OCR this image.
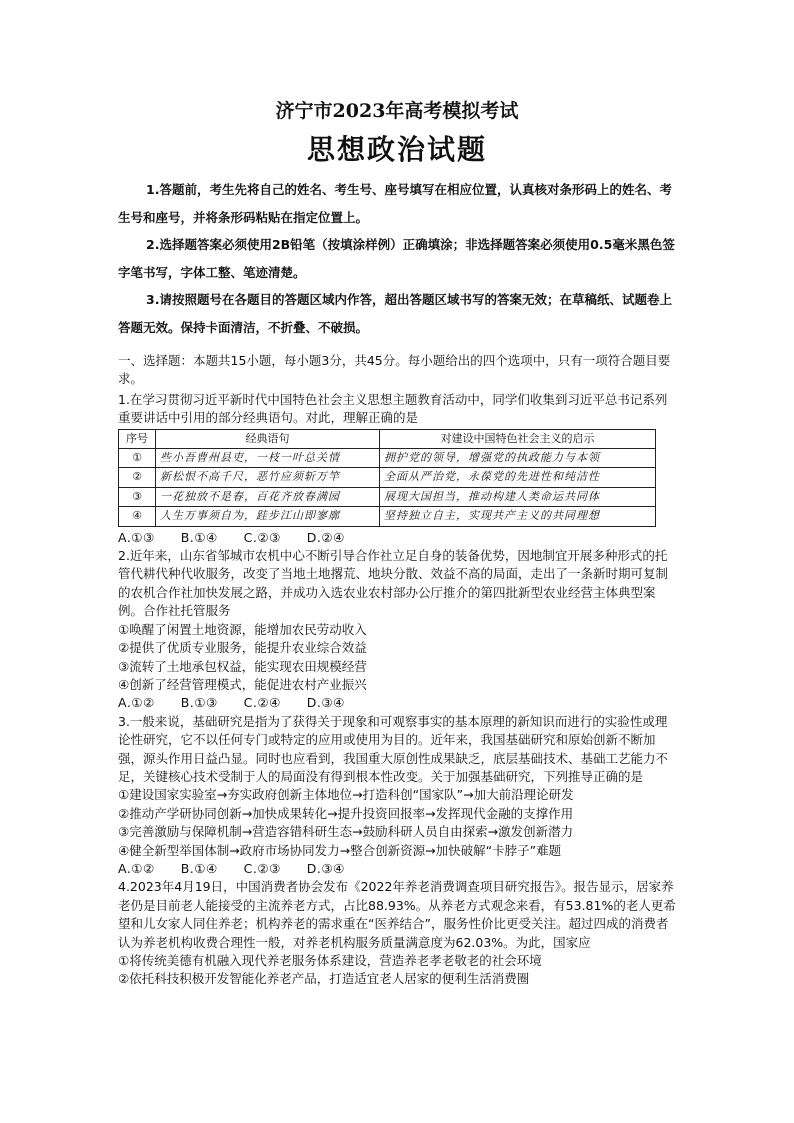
济宁市2023年高考模拟考试
思想政治试题

1.答题前，考生先将自己的姓名、考生号、座号填写在相应位置，认真核对条形码上的姓名、考生号和座号，并将条形码粘贴在指定位置上。

2.选择题答案必须使用2B铅笔（按填涂样例）正确填涂；非选择题答案必须使用0.5毫米黑色签字笔书写，字体工整、笔迹清楚。

3.请按照题号在各题目的答题区域内作答，超出答题区域书写的答案无效；在草稿纸、试题卷上答题无效。保持卡面清洁，不折叠、不破损。

一、选择题：本题共15小题，每小题3分，共45分。每小题给出的四个选项中，只有一项符合题目要求。

1.在学习贯彻习近平新时代中国特色社会主义思想主题教育活动中，同学们收集到习近平总书记系列重要讲话中引用的部分经典语句。对此，理解正确的是

序号	经典语句	对建设中国特色社会主义的启示
①	些小吾曹州县吏，一枝一叶总关情	拥护党的领导，增强党的执政能力与本领
②	新松恨不高千尺，恶竹应须斩万竿	全面从严治党，永葆党的先进性和纯洁性
③	一花独放不是春，百花齐放春满园	展现大国担当，推动构建人类命运共同体
④	人生万事须自为，跬步江山即寥廓	坚持独立自主，实现共产主义的共同理想

A.①③　　B.①④　　C.②③　　D.②④

2.近年来，山东省邹城市农机中心不断引导合作社立足自身的装备优势，因地制宜开展多种形式的托管代耕代种代收服务，改变了当地土地撂荒、地块分散、效益不高的局面，走出了一条新时期可复制的农机合作社加快发展之路，并成功入选农业农村部办公厅推介的第四批新型农业经营主体典型案例。合作社托管服务

①唤醒了闲置土地资源，能增加农民劳动收入

②提供了优质专业服务，能提升农业综合效益

③流转了土地承包权益，能实现农田规模经营

④创新了经营管理模式，能促进农村产业振兴

A.①②　　B.①③　　C.②④　　D.③④

3.一般来说，基础研究是指为了获得关于现象和可观察事实的基本原理的新知识而进行的实验性或理论性研究，它不以任何专门或特定的应用或使用为目的。近年来，我国基础研究和原始创新不断加强，源头作用日益凸显。同时也应看到，我国重大原创性成果缺乏，底层基础技术、基础工艺能力不足，关键核心技术受制于人的局面没有得到根本性改变。关于加强基础研究，下列推导正确的是

①建设国家实验室→夯实政府创新主体地位→打造科创“国家队”→加大前沿理论研发

②推动产学研协同创新→加快成果转化→提升投资回报率→发挥现代金融的支撑作用

③完善激励与保障机制→营造容错科研生态→鼓励科研人员自由探索→激发创新潜力

④健全新型举国体制→政府市场协同发力→整合创新资源→加快破解“卡脖子”难题

A.①②　　B.①④　　C.②③　　D.③④

4.2023年4月19日，中国消费者协会发布《2022年养老消费调查项目研究报告》。报告显示，居家养老仍是目前老人能接受的主流养老方式，占比88.93%。从养老方式观念来看，有53.81%的老人更希望和儿女家人同住养老；机构养老的需求重在“医养结合”，服务性价比更受关注。超过四成的消费者认为养老机构收费合理性一般，对养老机构服务质量满意度为62.03%。为此，国家应

①将传统美德有机融入现代养老服务体系建设，营造养老孝老敬老的社会环境

②依托科技积极开发智能化养老产品，打造适宜老人居家的便利生活消费圈
